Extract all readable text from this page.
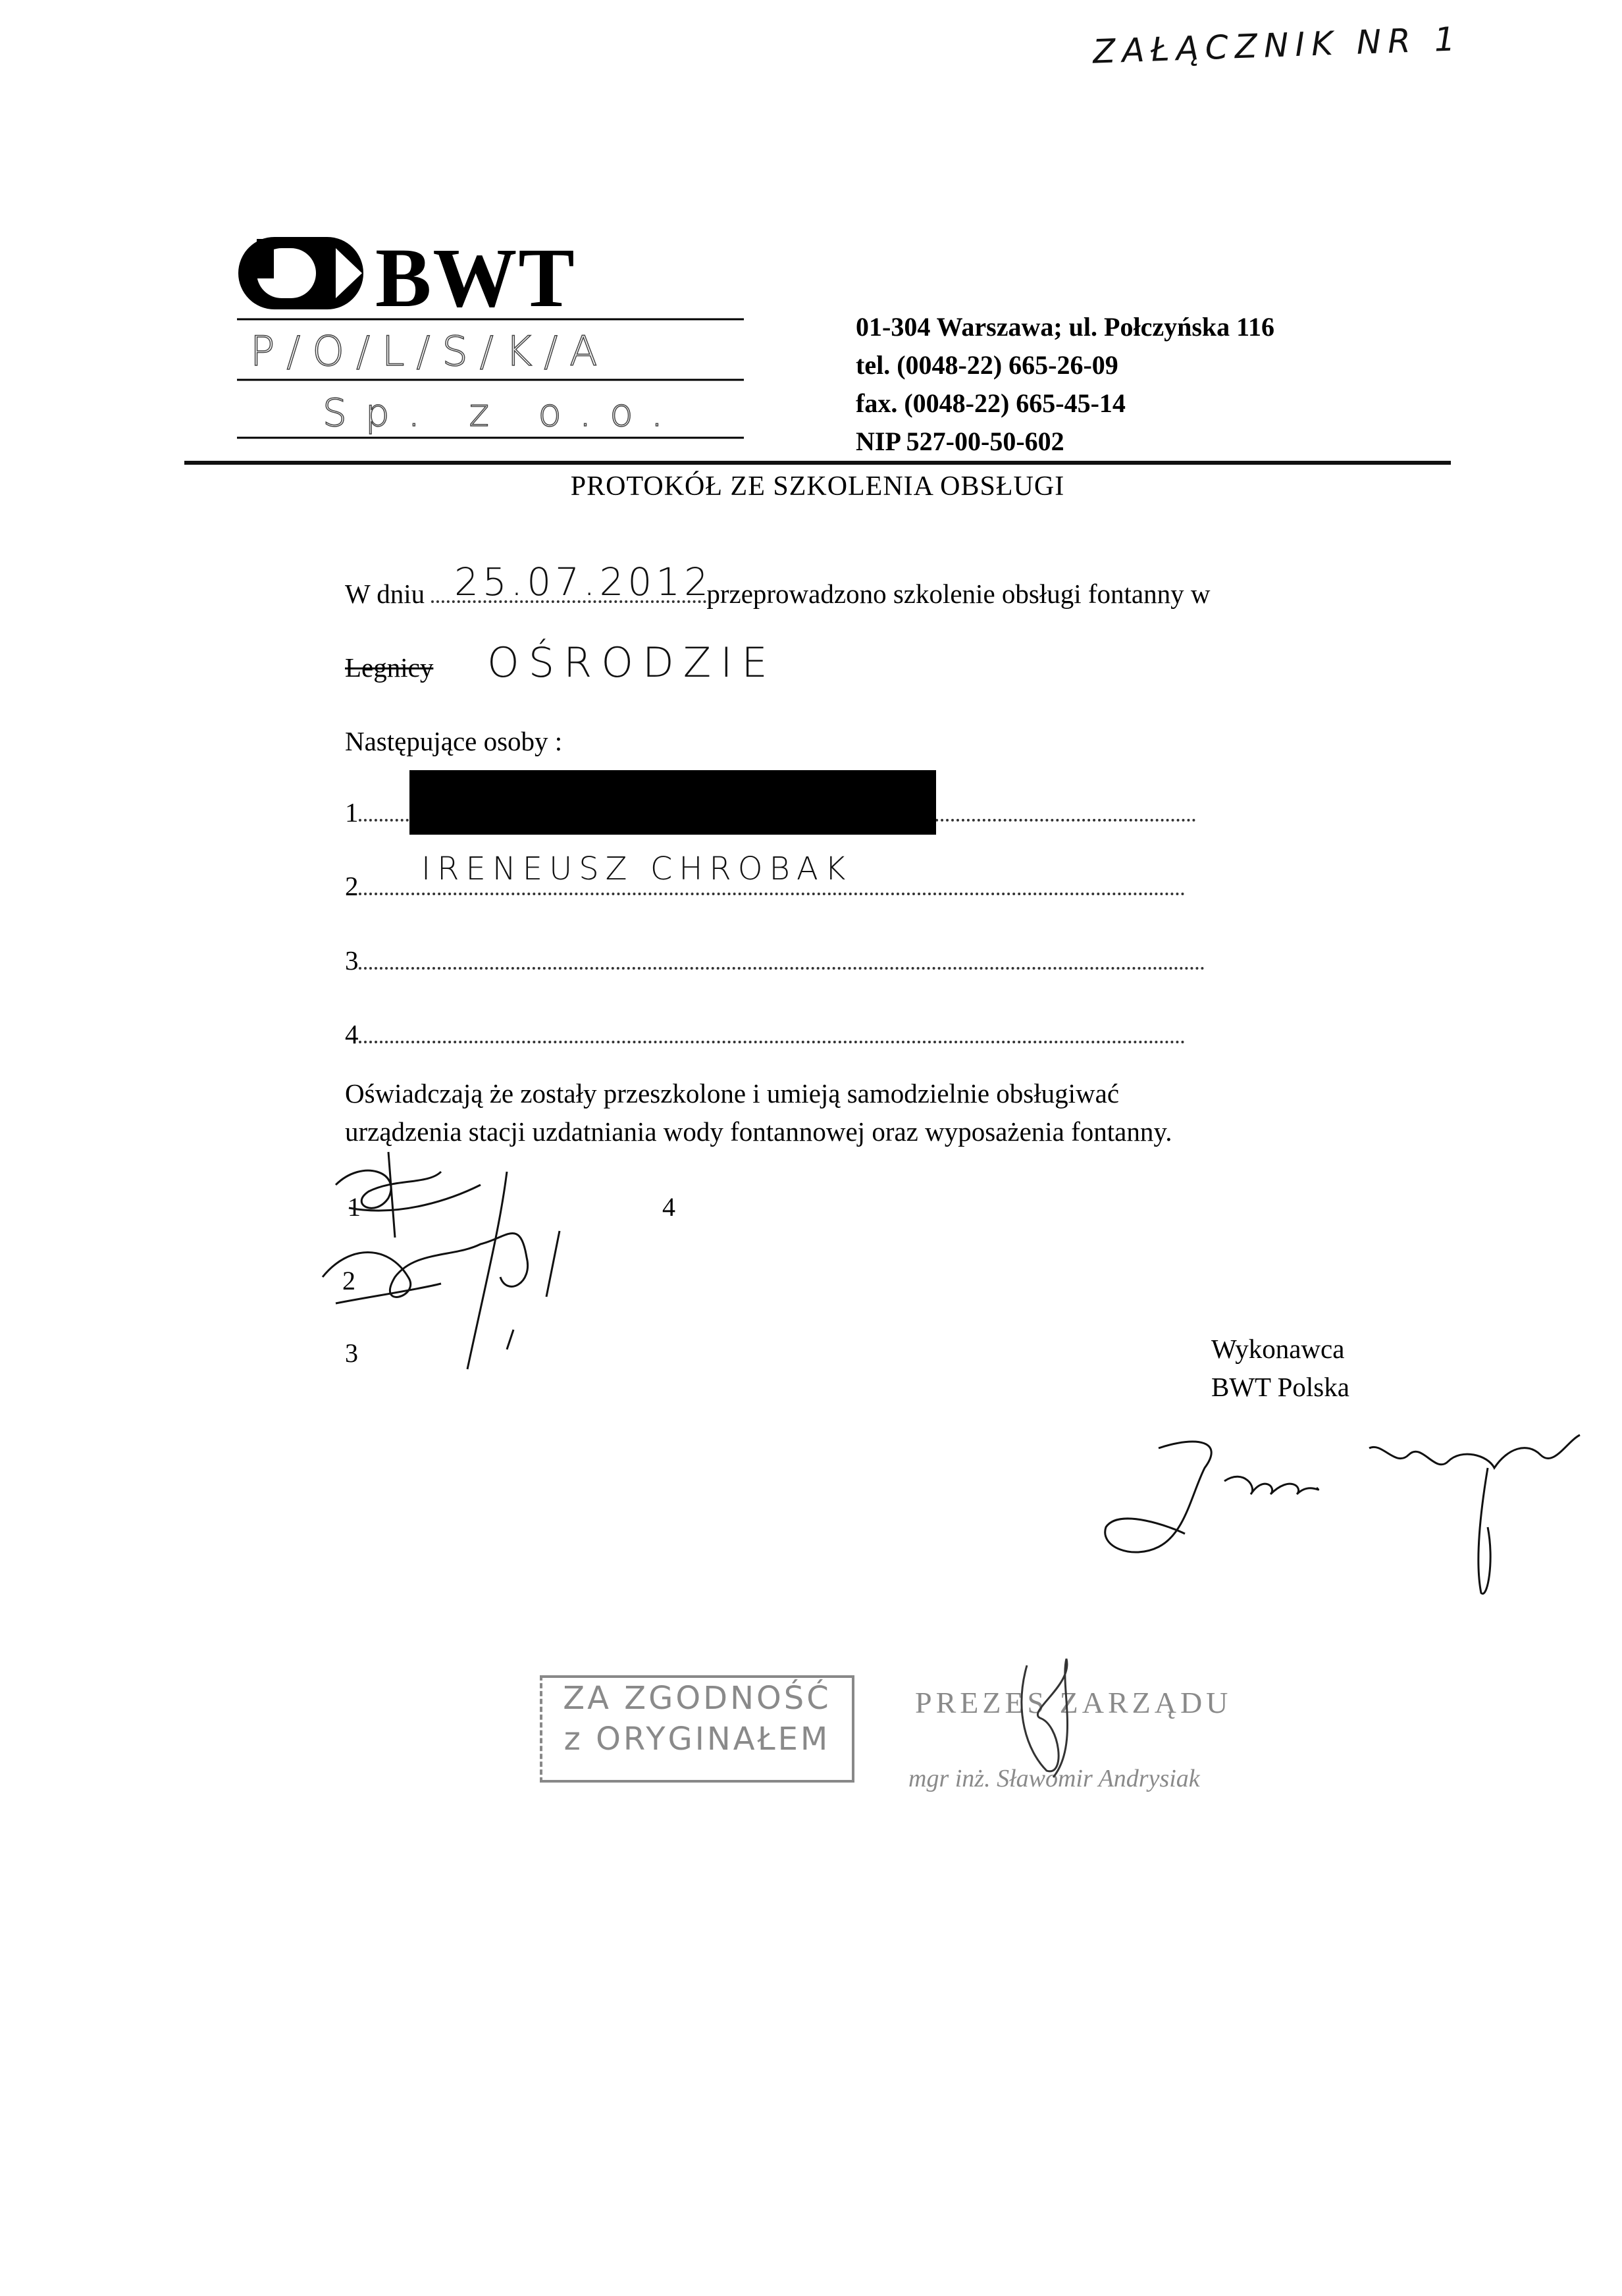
ZAŁĄCZNIK NR 1
BWT
P/O/L/S/K/A
Sp. z o.o.
01-304 Warszawa; ul. Połczyńska 116
tel. (0048-22) 665-26-09
fax. (0048-22) 665-45-14
NIP 527-00-50-602
PROTOKÓŁ ZE SZKOLENIA OBSŁUGI
W dniu	przeprowadzono szkolenie obsługi fontanny w
25.07.2012
Legnicy OŚRODZIE
Następujące osoby :
1
2	IRENEUSZ CHROBAK
3
4
Oświadczają że zostały przeszkolone i umieją samodzielnie obsługiwać
urządzenia stacji uzdatniania wody fontannowej oraz wyposażenia fontanny.
1
2
3
4
Wykonawca
BWT Polska
ZA ZGODNOŚĆ
z ORYGINAŁEM
PREZES ZARZĄDU
mgr inż. Sławomir Andrysiak
